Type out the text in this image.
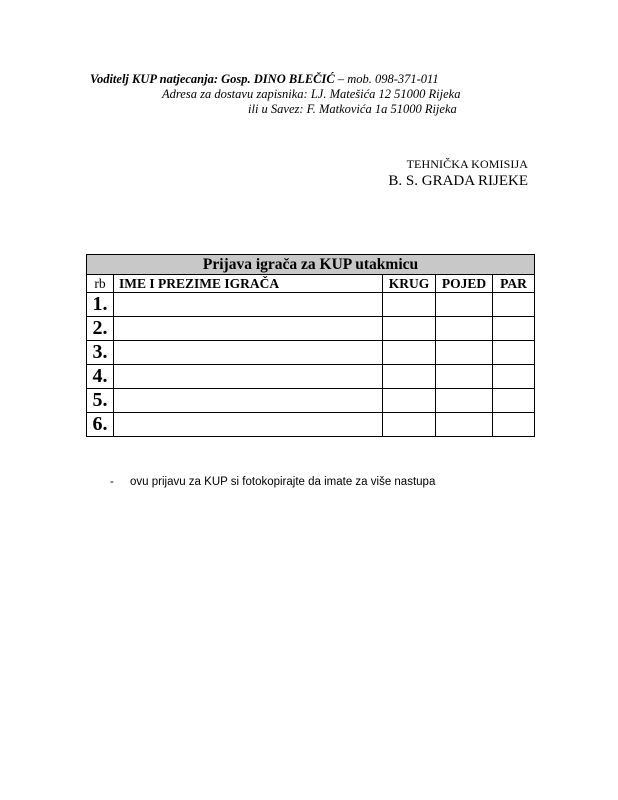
Voditelj KUP natjecanja: Gosp. DINO BLEČIĆ – mob. 098-371-011
Adresa za dostavu zapisnika: LJ. Matešića 12 51000 Rijeka
ili u Savez: F. Matkovića 1a 51000 Rijeka
TEHNIČKA KOMISIJA
B. S. GRADA RIJEKE
Prijava igrača za KUP utakmicu				
rb	IME I PREZIME IGRAČA	KRUG	POJED	PAR
1.				
2.				
3.				
4.				
5.				
6.				
- ovu prijavu za KUP si fotokopirajte da imate za više nastupa
